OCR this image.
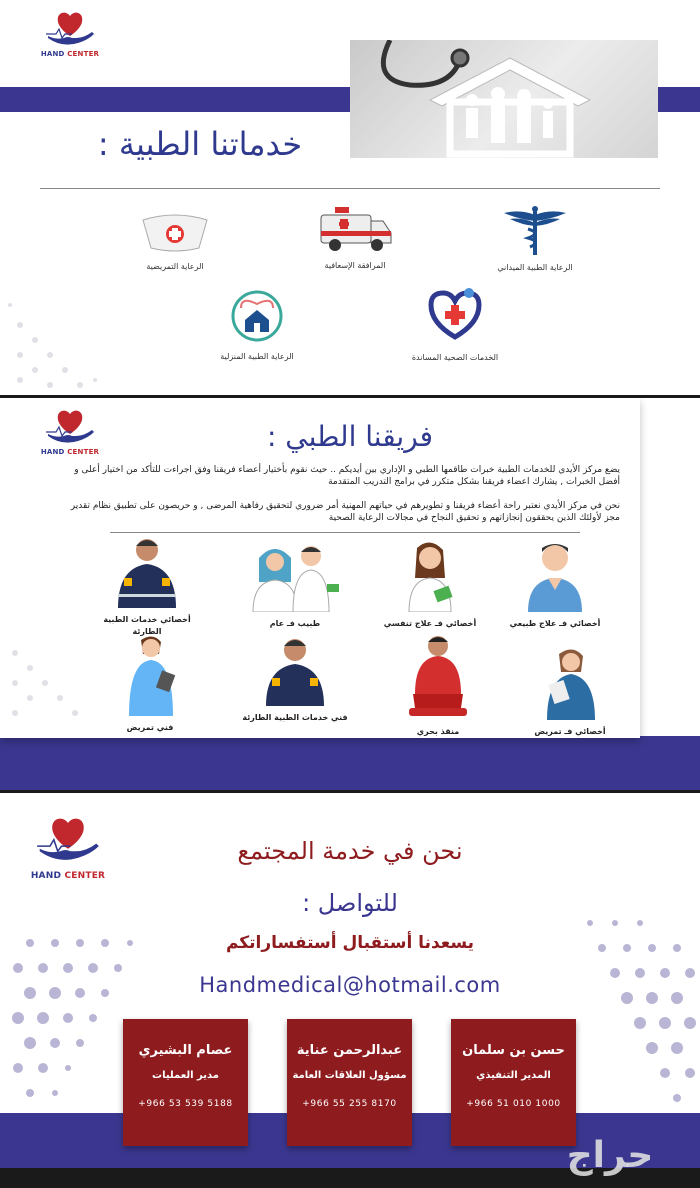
HAND CENTER
خدماتنا الطبية :
الرعاية الطبية الميداني
المرافقة الإسعافية
الرعاية التمريضية
الخدمات الصحية المساندة
الرعاية الطبية المنزلية
HAND CENTER	فريقنا الطبي :
يضع مركز الأيدي للخدمات الطبية خبرات طاقمها الطبي و الإداري بين أيديكم .. حيث نقوم بأختيار أعضاء فريقنا وفق اجراءت للتأكد من اختيار أعلى و أفضل الخبرات , يشارك اعضاء فريقنا بشكل متكرر في برامج التدريب المتقدمة
نحن في مركز الأيدي نعتبر راحة أعضاء فريقنا و تطويرهم في حياتهم المهنية أمر ضروري لتحقيق رفاهية المرضى , و حريصون على تطبيق نظام تقدير مجز لأولئك الذين يحققون إنجازاتهم و تحقيق النجاح في مجالات الرعاية الصحية
أخصائي فـ علاج طبيعي
أخصائي فـ علاج تنفسي
طبيب فـ عام
أخصائي خدمات الطبية الطارئة
أخصائي فـ تمريض
منقذ بحري
فني خدمات الطبية الطارئة
فني تمريض
HAND CENTER
نحن في خدمة المجتمع
للتواصل :
يسعدنا أستقبال أستفساراتكم
Handmedical@hotmail.com
حسن بن سلمان
المدير التنفيذي
+966 51 010 1000
عبدالرحمن عناية
مسؤول العلاقات العامة
+966 55 255 8170
عصام البشيري
مدير العمليات
+966 53 539 5188
حراج
